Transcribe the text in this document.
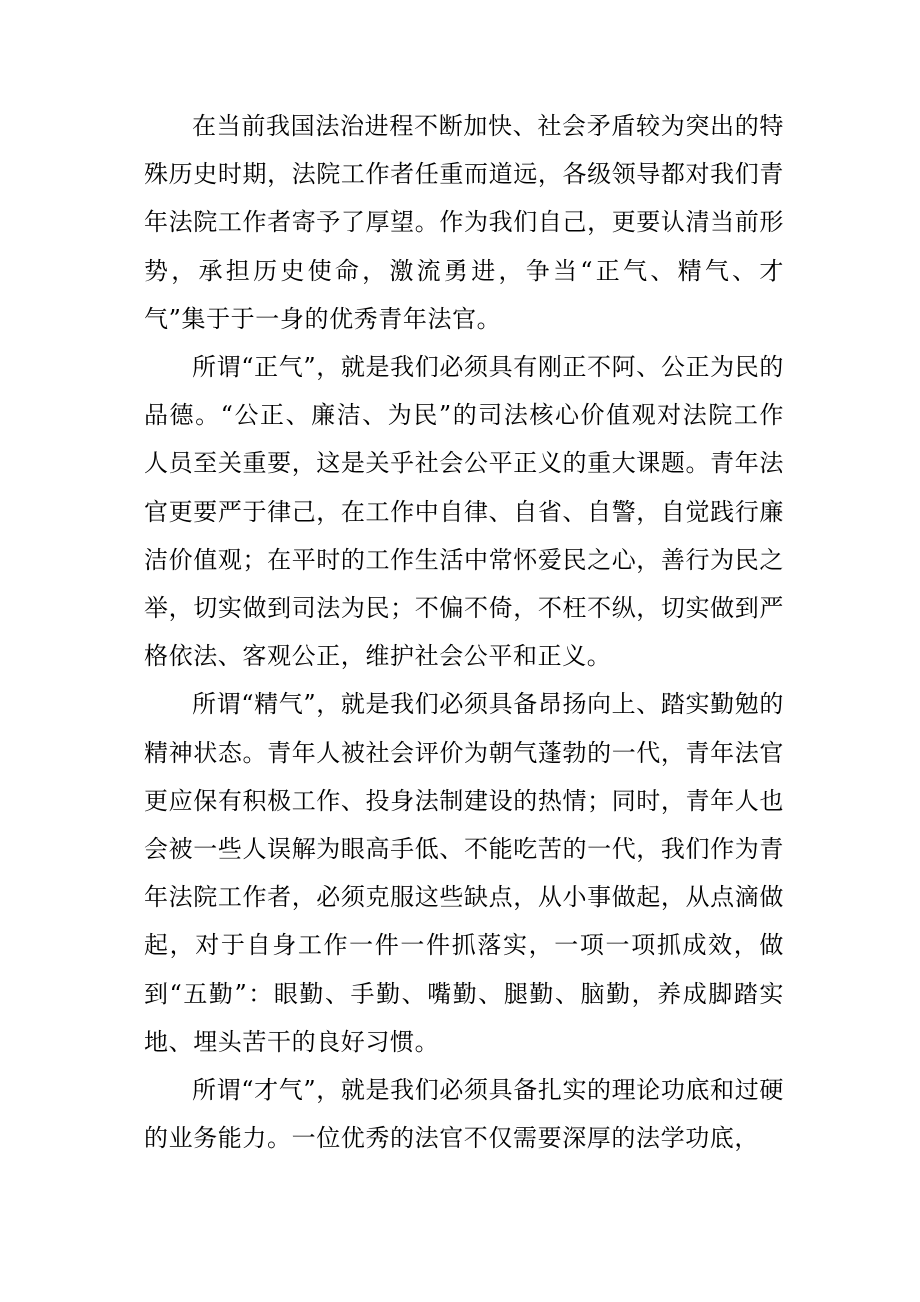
在当前我国法治进程不断加快、社会矛盾较为突出的特殊历史时期，法院工作者任重而道远，各级领导都对我们青年法院工作者寄予了厚望。作为我们自己，更要认清当前形势，承担历史使命，激流勇进，争当“正气、精气、才气”集于于一身的优秀青年法官。

所谓“正气”，就是我们必须具有刚正不阿、公正为民的品德。“公正、廉洁、为民”的司法核心价值观对法院工作人员至关重要，这是关乎社会公平正义的重大课题。青年法官更要严于律己，在工作中自律、自省、自警，自觉践行廉洁价值观；在平时的工作生活中常怀爱民之心，善行为民之举，切实做到司法为民；不偏不倚，不枉不纵，切实做到严格依法、客观公正，维护社会公平和正义。

所谓“精气”，就是我们必须具备昂扬向上、踏实勤勉的精神状态。青年人被社会评价为朝气蓬勃的一代，青年法官更应保有积极工作、投身法制建设的热情；同时，青年人也会被一些人误解为眼高手低、不能吃苦的一代，我们作为青年法院工作者，必须克服这些缺点，从小事做起，从点滴做起，对于自身工作一件一件抓落实，一项一项抓成效，做到“五勤”：眼勤、手勤、嘴勤、腿勤、脑勤，养成脚踏实地、埋头苦干的良好习惯。

所谓“才气”，就是我们必须具备扎实的理论功底和过硬的业务能力。一位优秀的法官不仅需要深厚的法学功底，
